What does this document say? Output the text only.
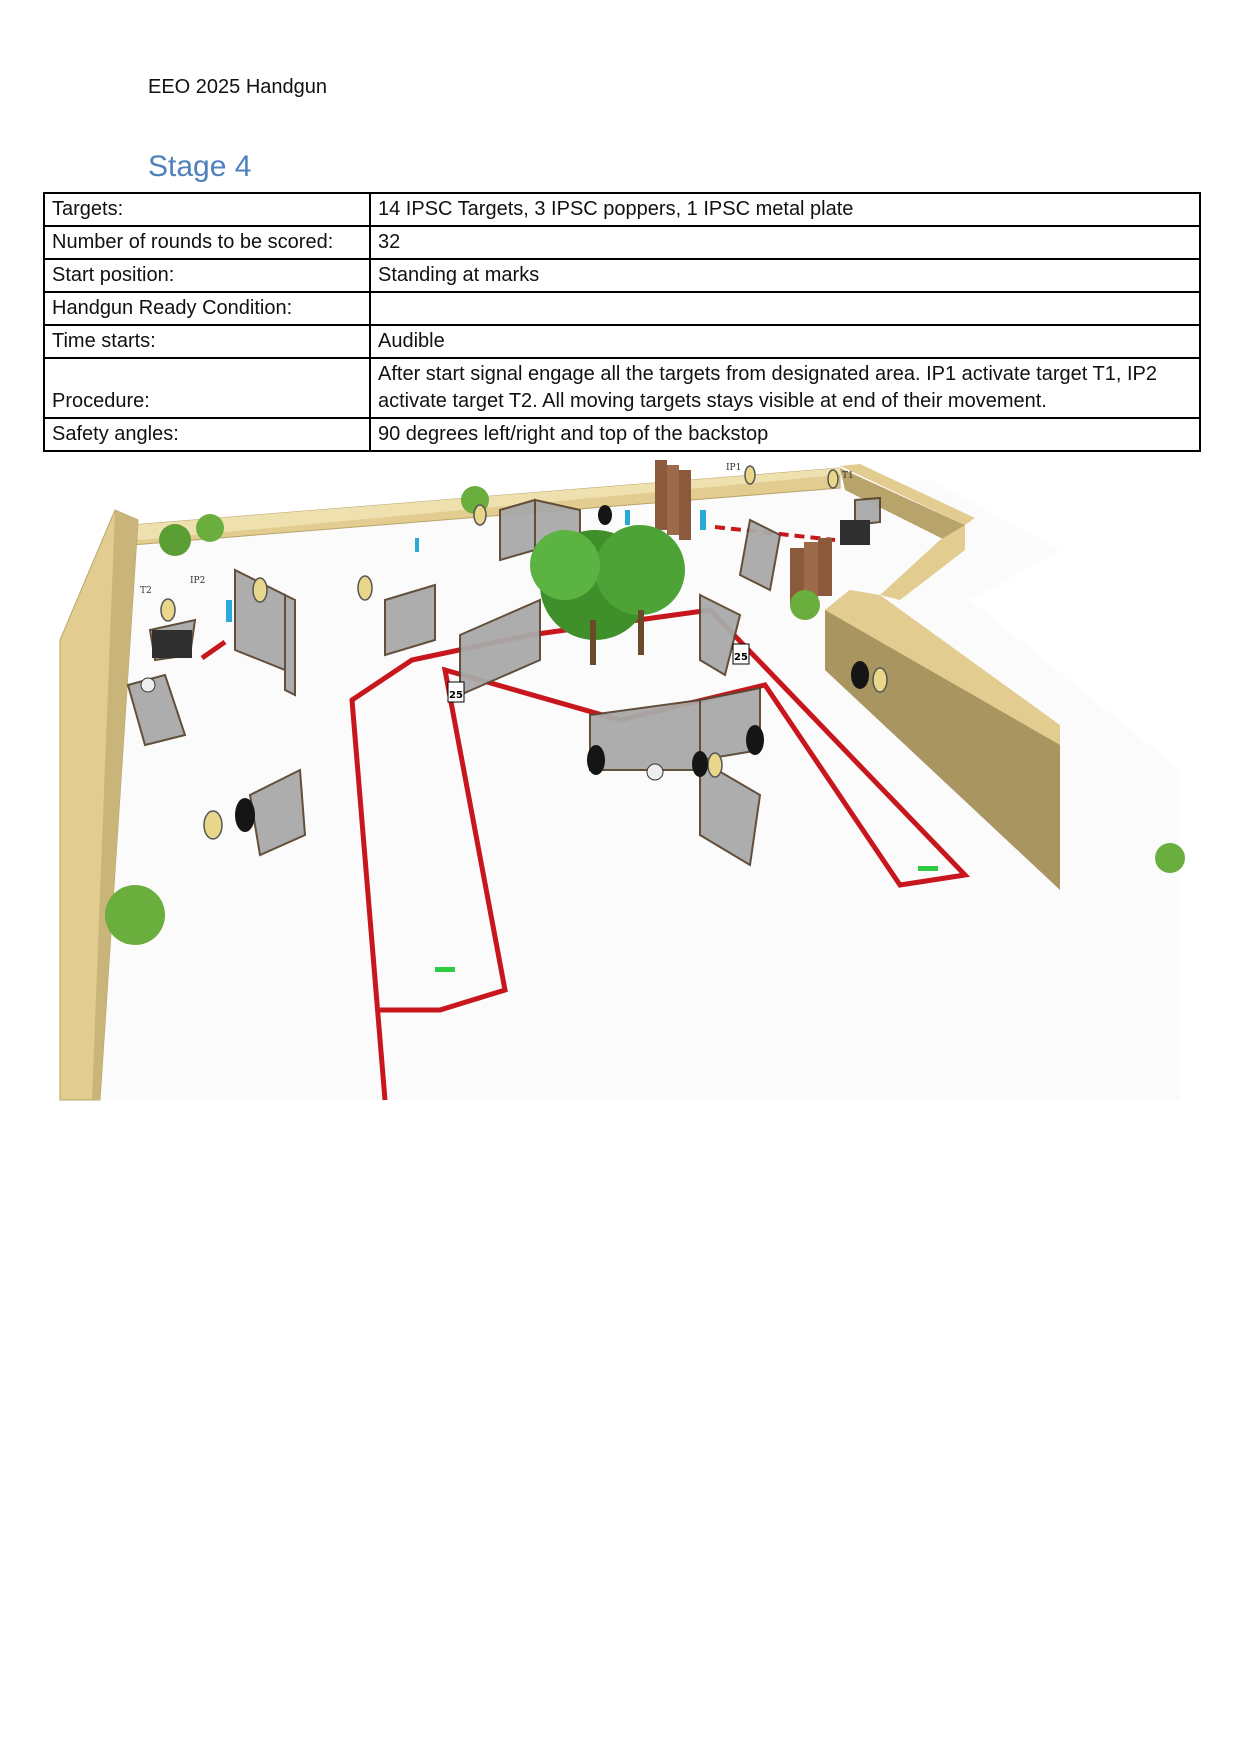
EEO 2025 Handgun
Stage 4
Targets:	14 IPSC Targets, 3 IPSC poppers, 1 IPSC metal plate
Number of rounds to be scored:	32
Start position:	Standing at marks
Handgun Ready Condition:	
Time starts:	Audible
Procedure:	After start signal engage all the targets from designated area. IP1 activate target T1, IP2 activate target T2. All moving targets stays visible at end of their movement.
Safety angles:	90 degrees left/right and top of the backstop
25
25
IP1
IP2
T2
T1
